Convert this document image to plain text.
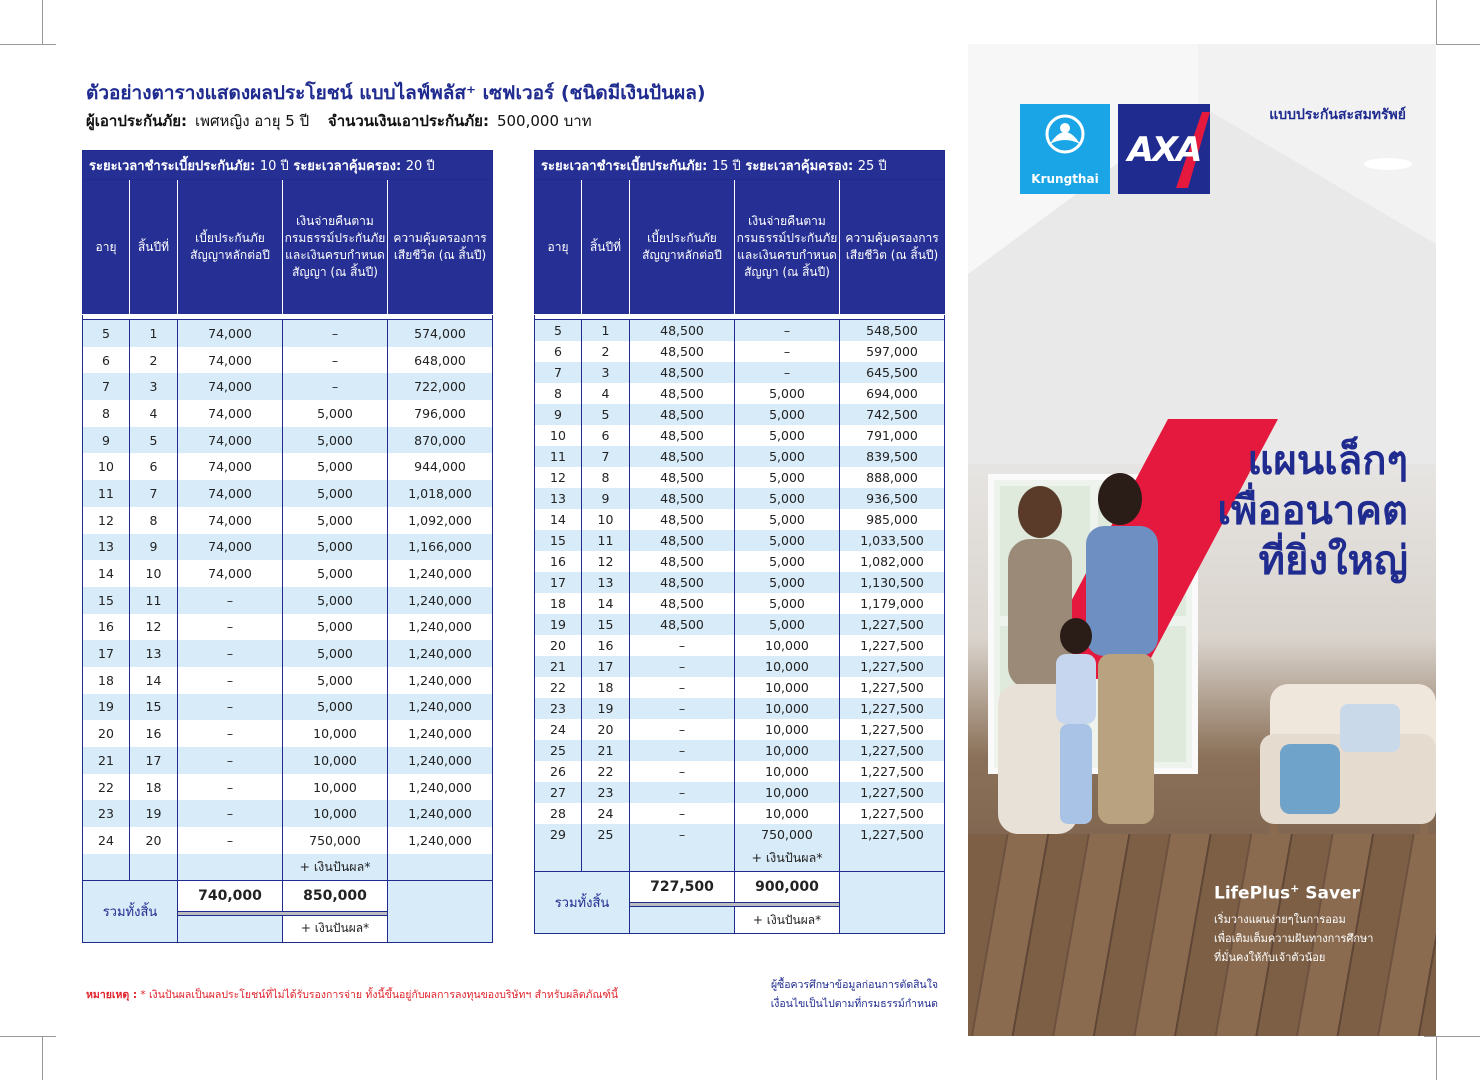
ตัวอย่างตารางแสดงผลประโยชน์ แบบไลฟ์พลัส⁺ เซฟเวอร์ (ชนิดมีเงินปันผล)
ผู้เอาประกันภัย: เพศหญิง อายุ 5 ปี จำนวนเงินเอาประกันภัย: 500,000 บาท
ระยะเวลาชำระเบี้ยประกันภัย: 10 ปี ระยะเวลาคุ้มครอง: 20 ปี				
อายุ	สิ้นปีที่	เบี้ยประกันภัยสัญญาหลักต่อปี	เงินจ่ายคืนตามกรมธรรม์ประกันภัยและเงินครบกำหนดสัญญา (ณ สิ้นปี)	ความคุ้มครองการเสียชีวิต (ณ สิ้นปี)

5	1	74,000	–	574,000
6	2	74,000	–	648,000
7	3	74,000	–	722,000
8	4	74,000	5,000	796,000
9	5	74,000	5,000	870,000
10	6	74,000	5,000	944,000
11	7	74,000	5,000	1,018,000
12	8	74,000	5,000	1,092,000
13	9	74,000	5,000	1,166,000
14	10	74,000	5,000	1,240,000
15	11	–	5,000	1,240,000
16	12	–	5,000	1,240,000
17	13	–	5,000	1,240,000
18	14	–	5,000	1,240,000
19	15	–	5,000	1,240,000
20	16	–	10,000	1,240,000
21	17	–	10,000	1,240,000
22	18	–	10,000	1,240,000
23	19	–	10,000	1,240,000
24	20	–	750,000	1,240,000
			+ เงินปันผล*	
รวมทั้งสิ้น		740,000	850,000	

			+ เงินปันผล*	
ระยะเวลาชำระเบี้ยประกันภัย: 15 ปี ระยะเวลาคุ้มครอง: 25 ปี				
อายุ	สิ้นปีที่	เบี้ยประกันภัยสัญญาหลักต่อปี	เงินจ่ายคืนตามกรมธรรม์ประกันภัยและเงินครบกำหนดสัญญา (ณ สิ้นปี)	ความคุ้มครองการเสียชีวิต (ณ สิ้นปี)

5	1	48,500	–	548,500
6	2	48,500	–	597,000
7	3	48,500	–	645,500
8	4	48,500	5,000	694,000
9	5	48,500	5,000	742,500
10	6	48,500	5,000	791,000
11	7	48,500	5,000	839,500
12	8	48,500	5,000	888,000
13	9	48,500	5,000	936,500
14	10	48,500	5,000	985,000
15	11	48,500	5,000	1,033,500
16	12	48,500	5,000	1,082,000
17	13	48,500	5,000	1,130,500
18	14	48,500	5,000	1,179,000
19	15	48,500	5,000	1,227,500
20	16	–	10,000	1,227,500
21	17	–	10,000	1,227,500
22	18	–	10,000	1,227,500
23	19	–	10,000	1,227,500
24	20	–	10,000	1,227,500
25	21	–	10,000	1,227,500
26	22	–	10,000	1,227,500
27	23	–	10,000	1,227,500
28	24	–	10,000	1,227,500
29	25	–	750,000	1,227,500
			+ เงินปันผล*	
รวมทั้งสิ้น		727,500	900,000	

			+ เงินปันผล*	
หมายเหตุ : * เงินปันผลเป็นผลประโยชน์ที่ไม่ได้รับรองการจ่าย ทั้งนี้ขึ้นอยู่กับผลการลงทุนของบริษัทฯ สำหรับผลิตภัณฑ์นี้
ผู้ซื้อควรศึกษาข้อมูลก่อนการตัดสินใจ
เงื่อนไขเป็นไปตามที่กรมธรรม์กำหนด
Krungthai
AXA
แบบประกันสะสมทรัพย์
แผนเล็กๆ
เพื่ออนาคต
ที่ยิ่งใหญ่
LifePlus+ Saver
เริ่มวางแผนง่ายๆในการออม
เพื่อเติมเต็มความฝันทางการศึกษา
ที่มั่นคงให้กับเจ้าตัวน้อย
